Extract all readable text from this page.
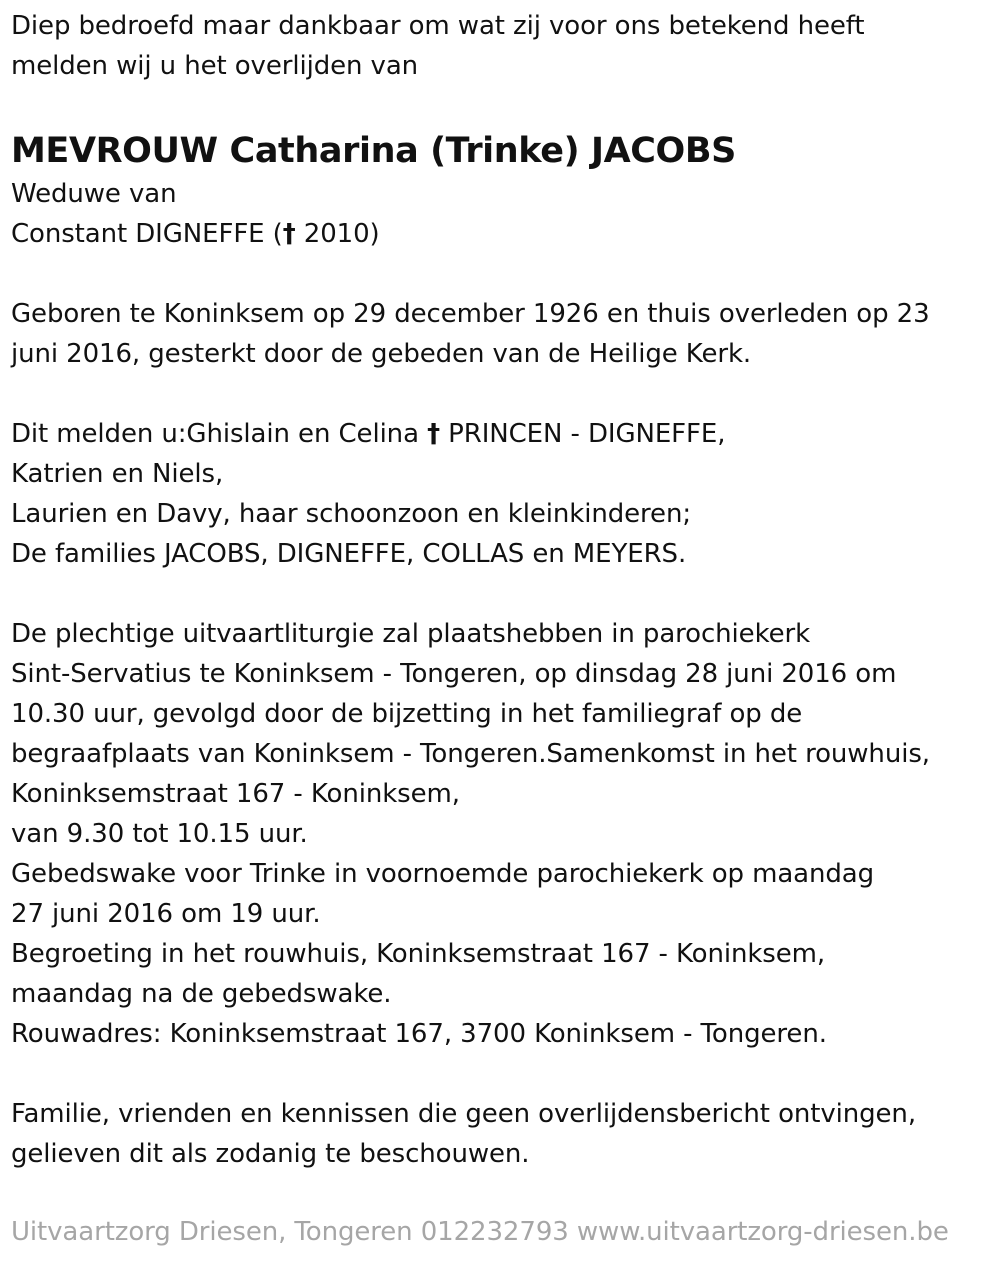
Diep bedroefd maar dankbaar om wat zij voor ons betekend heeft
melden wij u het overlijden van
MEVROUW Catharina (Trinke) JACOBS
Weduwe van
Constant DIGNEFFE († 2010)
Geboren te Koninksem op 29 december 1926 en thuis overleden op 23
juni 2016, gesterkt door de gebeden van de Heilige Kerk.
Dit melden u:Ghislain en Celina † PRINCEN - DIGNEFFE,
Katrien en Niels,
Laurien en Davy, haar schoonzoon en kleinkinderen;
De families JACOBS, DIGNEFFE, COLLAS en MEYERS.
De plechtige uitvaartliturgie zal plaatshebben in parochiekerk
Sint-Servatius te Koninksem - Tongeren, op dinsdag 28 juni 2016 om
10.30 uur, gevolgd door de bijzetting in het familiegraf op de
begraafplaats van Koninksem - Tongeren.Samenkomst in het rouwhuis,
Koninksemstraat 167 - Koninksem,
van 9.30 tot 10.15 uur.
Gebedswake voor Trinke in voornoemde parochiekerk op maandag
27 juni 2016 om 19 uur.
Begroeting in het rouwhuis, Koninksemstraat 167 - Koninksem,
maandag na de gebedswake.
Rouwadres: Koninksemstraat 167, 3700 Koninksem - Tongeren.
Familie, vrienden en kennissen die geen overlijdensbericht ontvingen,
gelieven dit als zodanig te beschouwen.
Uitvaartzorg Driesen, Tongeren 012232793 www.uitvaartzorg-driesen.be
